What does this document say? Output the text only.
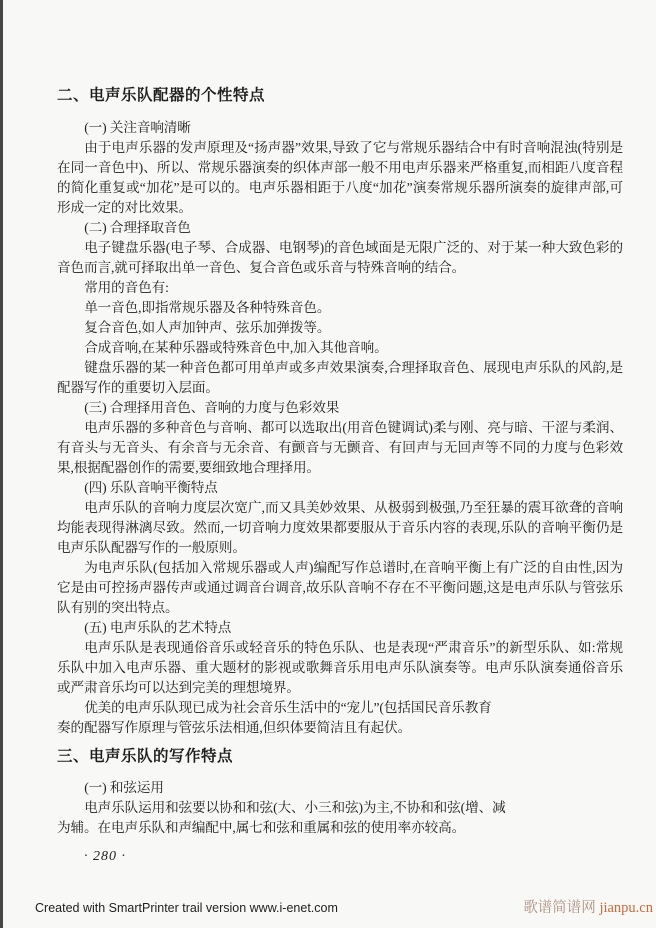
二、电声乐队配器的个性特点

(一) 关注音响清晰

由于电声乐器的发声原理及“扬声器”效果,导致了它与常规乐器结合中有时音响混浊(特别是在同一音色中)、所以、常规乐器演奏的织体声部一般不用电声乐器来严格重复,而相距八度音程的简化重复或“加花”是可以的。电声乐器相距于八度“加花”演奏常规乐器所演奏的旋律声部,可形成一定的对比效果。

(二) 合理择取音色

电子键盘乐器(电子琴、合成器、电钢琴)的音色域面是无限广泛的、对于某一种大致色彩的音色而言,就可择取出单一音色、复合音色或乐音与特殊音响的结合。

常用的音色有:

单一音色,即指常规乐器及各种特殊音色。

复合音色,如人声加钟声、弦乐加弹拨等。

合成音响,在某种乐器或特殊音色中,加入其他音响。

键盘乐器的某一种音色都可用单声或多声效果演奏,合理择取音色、展现电声乐队的风韵,是配器写作的重要切入层面。

(三) 合理择用音色、音响的力度与色彩效果

电声乐器的多种音色与音响、都可以选取出(用音色键调试)柔与刚、亮与暗、干涩与柔润、有音头与无音头、有余音与无余音、有颤音与无颤音、有回声与无回声等不同的力度与色彩效果,根据配器创作的需要,要细致地合理择用。

(四) 乐队音响平衡特点

电声乐队的音响力度层次宽广,而又具美妙效果、从极弱到极强,乃至狂暴的震耳欲聋的音响均能表现得淋漓尽致。然而,一切音响力度效果都要服从于音乐内容的表现,乐队的音响平衡仍是电声乐队配器写作的一般原则。

为电声乐队(包括加入常规乐器或人声)编配写作总谱时,在音响平衡上有广泛的自由性,因为它是由可控扬声器传声或通过调音台调音,故乐队音响不存在不平衡问题,这是电声乐队与管弦乐队有别的突出特点。

(五) 电声乐队的艺术特点

电声乐队是表现通俗音乐或轻音乐的特色乐队、也是表现“严肃音乐”的新型乐队、如:常规乐队中加入电声乐器、重大题材的影视或歌舞音乐用电声乐队演奏等。电声乐队演奏通俗音乐或严肃音乐均可以达到完美的理想境界。

优美的电声乐队现已成为社会音乐生活中的“宠儿”(包括国民音乐教育

奏的配器写作原理与管弦乐法相通,但织体要简洁且有起伏。

三、电声乐队的写作特点

(一) 和弦运用

电声乐队运用和弦要以协和和弦(大、小三和弦)为主,不协和和弦(增、减

为辅。在电声乐队和声编配中,属七和弦和重属和弦的使用率亦较高。

· 280 ·
Created with SmartPrinter trail version www.i-enet.com	歌谱简谱网 jianpu.cn
